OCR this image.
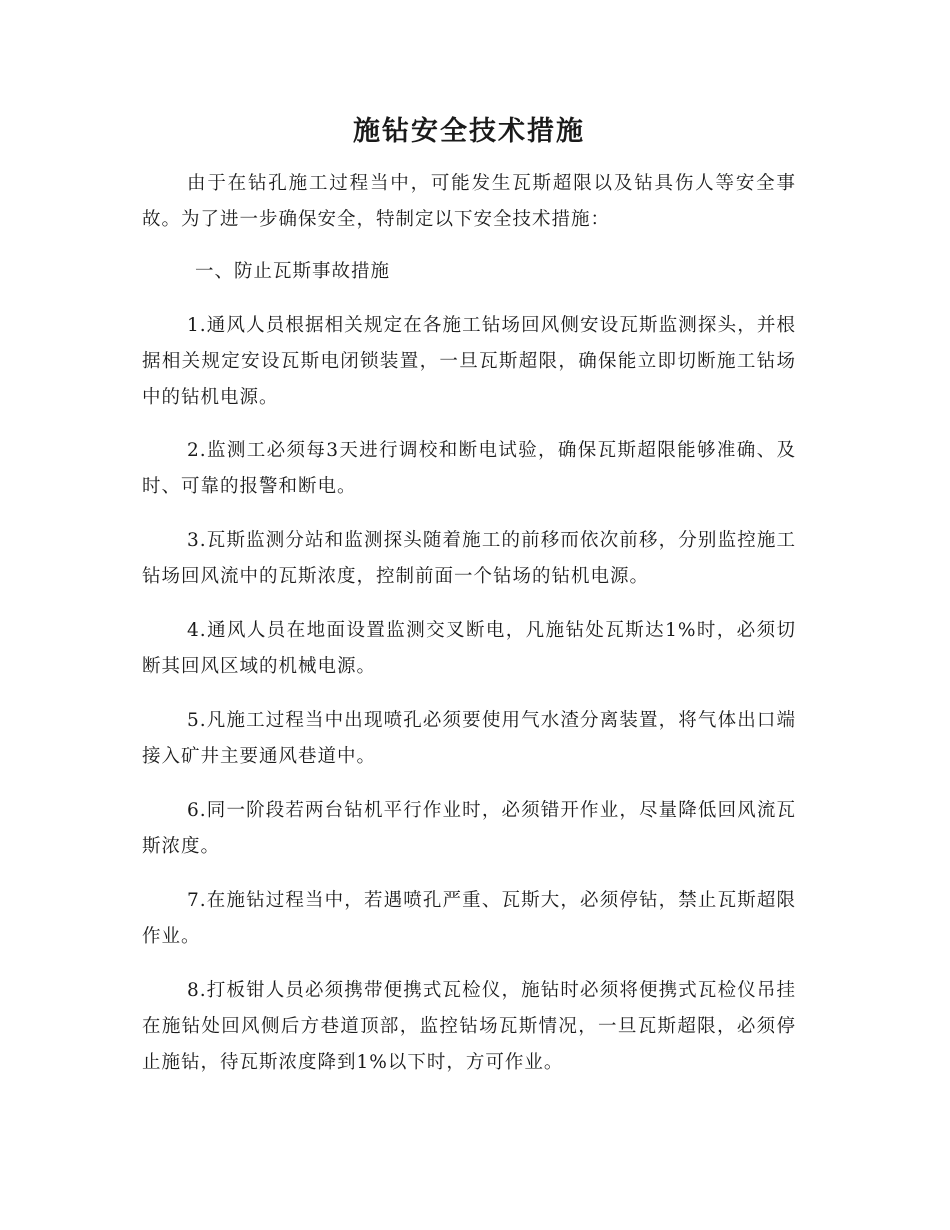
施钻安全技术措施

由于在钻孔施工过程当中，可能发生瓦斯超限以及钻具伤人等安全事故。为了进一步确保安全，特制定以下安全技术措施：

一、防止瓦斯事故措施

1.通风人员根据相关规定在各施工钻场回风侧安设瓦斯监测探头，并根据相关规定安设瓦斯电闭锁装置，一旦瓦斯超限，确保能立即切断施工钻场中的钻机电源。

2.监测工必须每3天进行调校和断电试验，确保瓦斯超限能够准确、及时、可靠的报警和断电。

3.瓦斯监测分站和监测探头随着施工的前移而依次前移，分别监控施工钻场回风流中的瓦斯浓度，控制前面一个钻场的钻机电源。

4.通风人员在地面设置监测交叉断电，凡施钻处瓦斯达1%时，必须切断其回风区域的机械电源。

5.凡施工过程当中出现喷孔必须要使用气水渣分离装置，将气体出口端接入矿井主要通风巷道中。

6.同一阶段若两台钻机平行作业时，必须错开作业，尽量降低回风流瓦斯浓度。

7.在施钻过程当中，若遇喷孔严重、瓦斯大，必须停钻，禁止瓦斯超限作业。

8.打板钳人员必须携带便携式瓦检仪，施钻时必须将便携式瓦检仪吊挂在施钻处回风侧后方巷道顶部，监控钻场瓦斯情况，一旦瓦斯超限，必须停止施钻，待瓦斯浓度降到1%以下时，方可作业。
